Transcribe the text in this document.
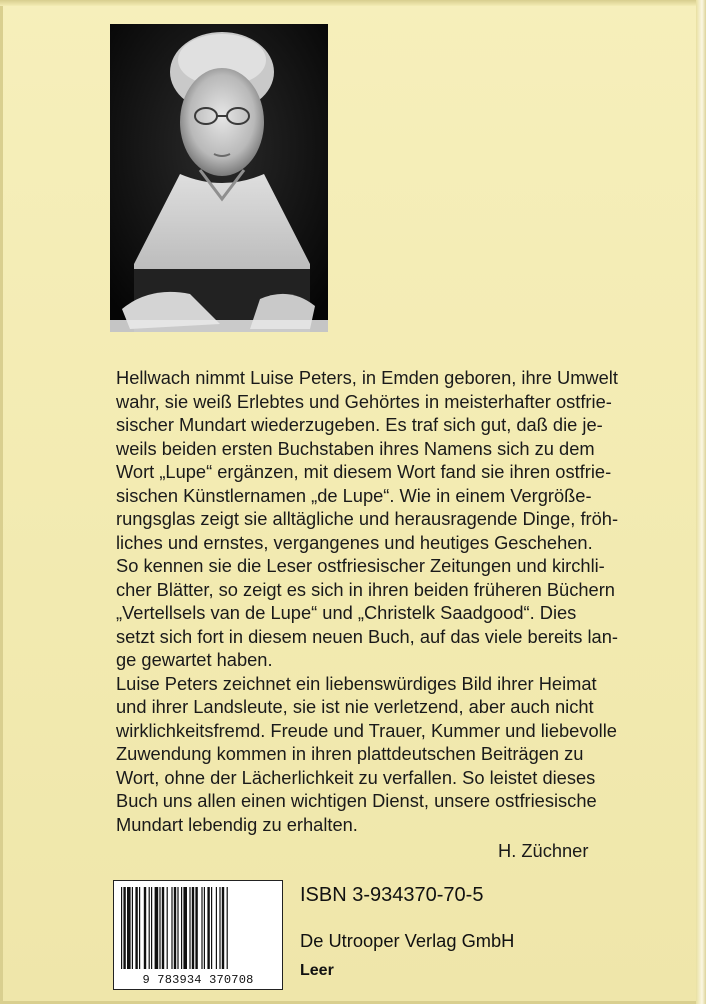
Hellwach nimmt Luise Peters, in Emden geboren, ihre Umwelt
wahr, sie weiß Erlebtes und Gehörtes in meisterhafter ostfrie-
sischer Mundart wiederzugeben. Es traf sich gut, daß die je-
weils beiden ersten Buchstaben ihres Namens sich zu dem
Wort „Lupe“ ergänzen, mit diesem Wort fand sie ihren ostfrie-
sischen Künstlernamen „de Lupe“. Wie in einem Vergröße-
rungsglas zeigt sie alltägliche und herausragende Dinge, fröh-
liches und ernstes, vergangenes und heutiges Geschehen.
So kennen sie die Leser ostfriesischer Zeitungen und kirchli-
cher Blätter, so zeigt es sich in ihren beiden früheren Büchern
„Vertellsels van de Lupe“ und „Christelk Saadgood“. Dies
setzt sich fort in diesem neuen Buch, auf das viele bereits lan-
ge gewartet haben.
Luise Peters zeichnet ein liebenswürdiges Bild ihrer Heimat
und ihrer Landsleute, sie ist nie verletzend, aber auch nicht
wirklichkeitsfremd. Freude und Trauer, Kummer und liebevolle
Zuwendung kommen in ihren plattdeutschen Beiträgen zu
Wort, ohne der Lächerlichkeit zu verfallen. So leistet dieses
Buch uns allen einen wichtigen Dienst, unsere ostfriesische
Mundart lebendig zu erhalten.

H. Züchner
9 783934 370708
ISBN 3-934370-70-5
De Utrooper Verlag GmbH
Leer
